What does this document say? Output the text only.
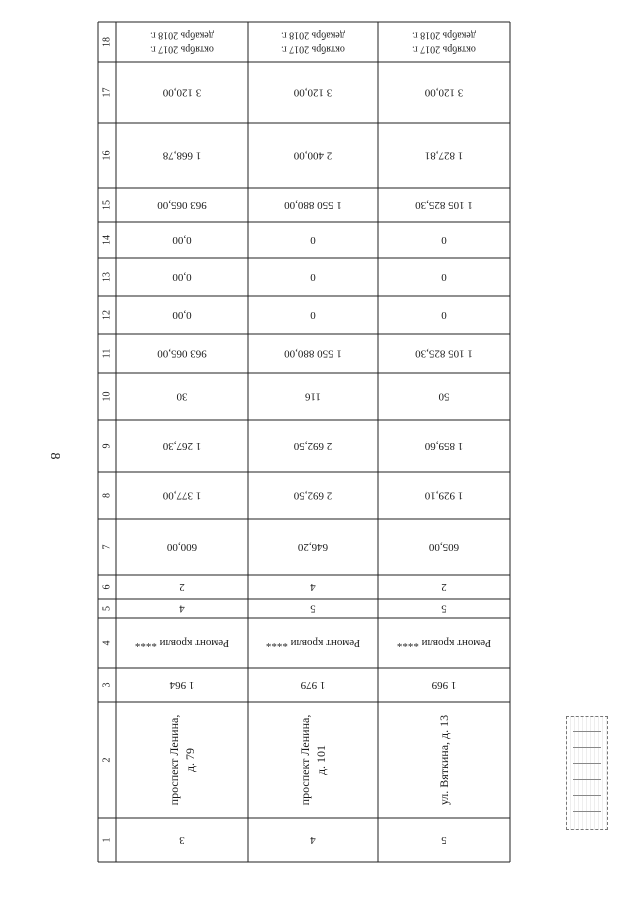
8
1
2
3
4
5
6
7
8
9
10
11
12
13
14
15
16
17
18
3
проспект Ленина, д. 79
1 964
Ремонт кровли ****
4
2
600,00
1 377,00
1 267,30
30
963 065,00
0,00
0,00
0,00
963 065,00
1 668,78
3 120,00
октябрь 2017 г.
декабрь 2018 г.
4
проспект Ленина, д. 101
1 979
Ремонт кровли ****
5
4
646,20
2 692,50
2 692,50
116
1 550 880,00
0
0
0
1 550 880,00
2 400,00
3 120,00
октябрь 2017 г.
декабрь 2018 г.
5
ул. Вяткина, д. 13
1 969
Ремонт кровли ****
5
2
605,00
1 929,10
1 859,60
50
1 105 825,30
0
0
0
1 105 825,30
1 827,81
3 120,00
октябрь 2017 г.
декабрь 2018 г.
